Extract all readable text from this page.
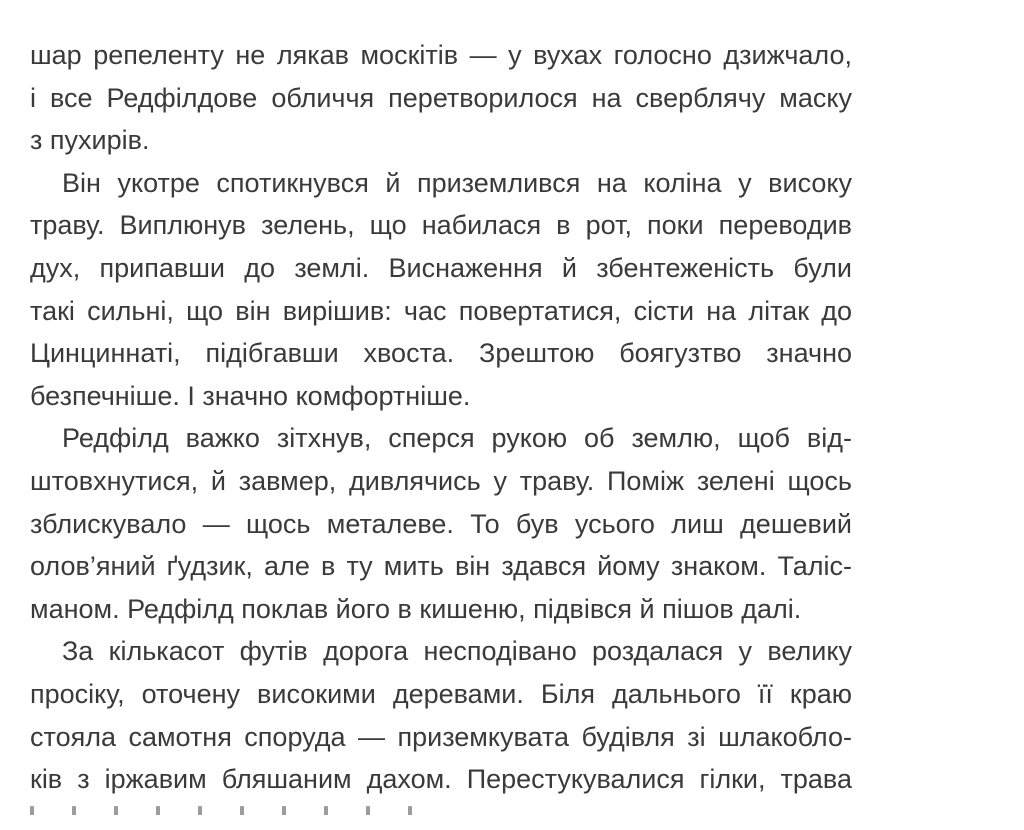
шар репеленту не лякав москітів — у вухах голосно дзижчало,
і все Редфілдове обличчя перетворилося на сверблячу маску
з пухирів.
Він укотре спотикнувся й приземлився на коліна у високу
траву. Виплюнув зелень, що набилася в рот, поки переводив
дух, припавши до землі. Виснаження й збентеженість були
такі сильні, що він вирішив: час повертатися, сісти на літак до
Цинциннаті, підібгавши хвоста. Зрештою боягузтво значно
безпечніше. І значно комфортніше.
Редфілд важко зітхнув, сперся рукою об землю, щоб від-
штовхнутися, й завмер, дивлячись у траву. Поміж зелені щось
зблискувало — щось металеве. То був усього лиш дешевий
олов’яний ґудзик, але в ту мить він здався йому знаком. Таліс-
маном. Редфілд поклав його в кишеню, підвівся й пішов далі.
За кількасот футів дорога несподівано роздалася у велику
просіку, оточену високими деревами. Біля дальнього її краю
стояла самотня споруда — приземкувата будівля зі шлакобло-
ків з іржавим бляшаним дахом. Перестукувалися гілки, трава
